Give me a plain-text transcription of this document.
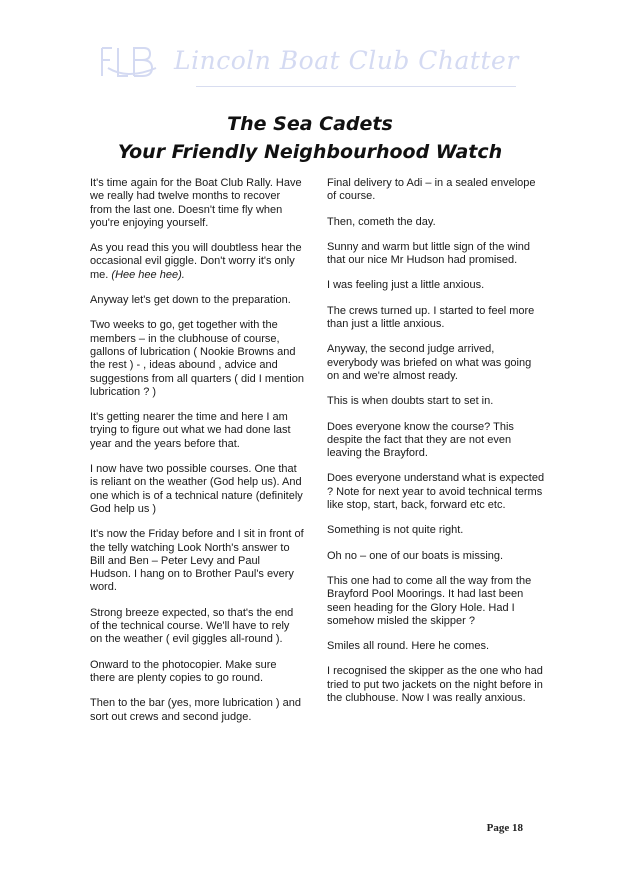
Lincoln Boat Club Chatter
The Sea Cadets
Your Friendly Neighbourhood Watch

It's time again for the Boat Club Rally. Have we really had twelve months to recover from the last one. Doesn't time fly when you're enjoying yourself.

As you read this you will doubtless hear the occasional evil giggle. Don't worry it's only me. (Hee hee hee).

Anyway let's get down to the preparation.

Two weeks to go, get together with the members – in the clubhouse of course, gallons of lubrication ( Nookie Browns and the rest ) - , ideas abound , advice and suggestions from all quarters ( did I mention lubrication ? )

It's getting nearer the time and here I am trying to figure out what we had done last year and the years before that.

I now have two possible courses. One that is reliant on the weather (God help us). And one which is of a technical nature (definitely God help us )

It's now the Friday before and I sit in front of the telly watching Look North's answer to Bill and Ben – Peter Levy and Paul Hudson. I hang on to Brother Paul's every word.

Strong breeze expected, so that's the end of the technical course. We'll have to rely on the weather ( evil giggles all-round ).

Onward to the photocopier. Make sure there are plenty copies to go round.

Then to the bar (yes, more lubrication ) and sort out crews and second judge.

Final delivery to Adi – in a sealed envelope of course.

Then, cometh the day.

Sunny and warm but little sign of the wind that our nice Mr Hudson had promised.

I was feeling just a little anxious.

The crews turned up. I started to feel more than just a little anxious.

Anyway, the second judge arrived, everybody was briefed on what was going on and we're almost ready.

This is when doubts start to set in.

Does everyone know the course? This despite the fact that they are not even leaving the Brayford.

Does everyone understand what is expected ? Note for next year to avoid technical terms like stop, start, back, forward etc etc.

Something is not quite right.

Oh no – one of our boats is missing.

This one had to come all the way from the Brayford Pool Moorings. It had last been seen heading for the Glory Hole. Had I somehow misled the skipper ?

Smiles all round. Here he comes.

I recognised the skipper as the one who had tried to put two jackets on the night before in the clubhouse. Now I was really anxious.

Page 18
